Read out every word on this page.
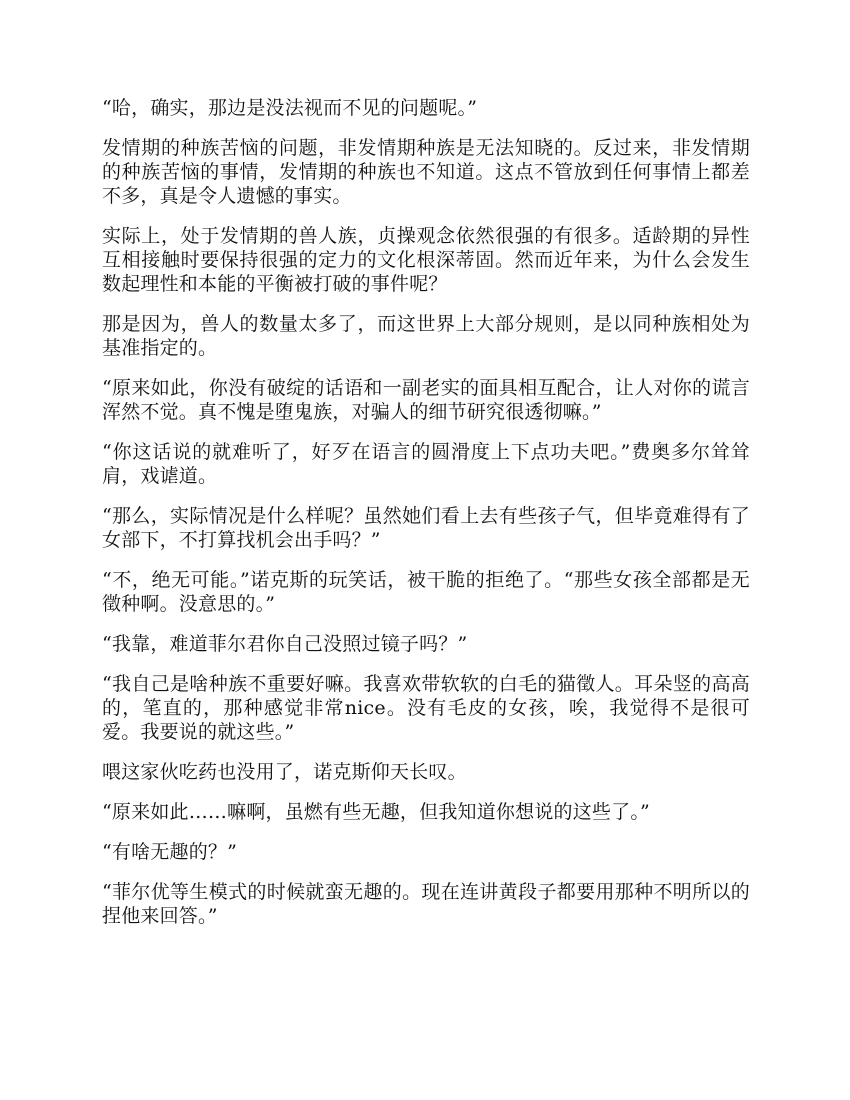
“哈，确实，那边是没法视而不见的问题呢。”

发情期的种族苦恼的问题，非发情期种族是无法知晓的。反过来，非发情期的种族苦恼的事情，发情期的种族也不知道。这点不管放到任何事情上都差不多，真是令人遗憾的事实。

实际上，处于发情期的兽人族，贞操观念依然很强的有很多。适龄期的异性互相接触时要保持很强的定力的文化根深蒂固。然而近年来，为什么会发生数起理性和本能的平衡被打破的事件呢？

那是因为，兽人的数量太多了，而这世界上大部分规则，是以同种族相处为基准指定的。

“原来如此，你没有破绽的话语和一副老实的面具相互配合，让人对你的谎言浑然不觉。真不愧是堕鬼族，对骗人的细节研究很透彻嘛。”

“你这话说的就难听了，好歹在语言的圆滑度上下点功夫吧。”费奥多尔耸耸肩，戏谑道。

“那么，实际情况是什么样呢？虽然她们看上去有些孩子气，但毕竟难得有了女部下，不打算找机会出手吗？”

“不，绝无可能。”诺克斯的玩笑话，被干脆的拒绝了。“那些女孩全部都是无徵种啊。没意思的。”

“我靠，难道菲尔君你自己没照过镜子吗？”

“我自己是啥种族不重要好嘛。我喜欢带软软的白毛的猫徵人。耳朵竖的高高的，笔直的，那种感觉非常nice。没有毛皮的女孩，唉，我觉得不是很可爱。我要说的就这些。”

喂这家伙吃药也没用了，诺克斯仰天长叹。

“原来如此……嘛啊，虽燃有些无趣，但我知道你想说的这些了。”

“有啥无趣的？”

“菲尔优等生模式的时候就蛮无趣的。现在连讲黄段子都要用那种不明所以的捏他来回答。”
